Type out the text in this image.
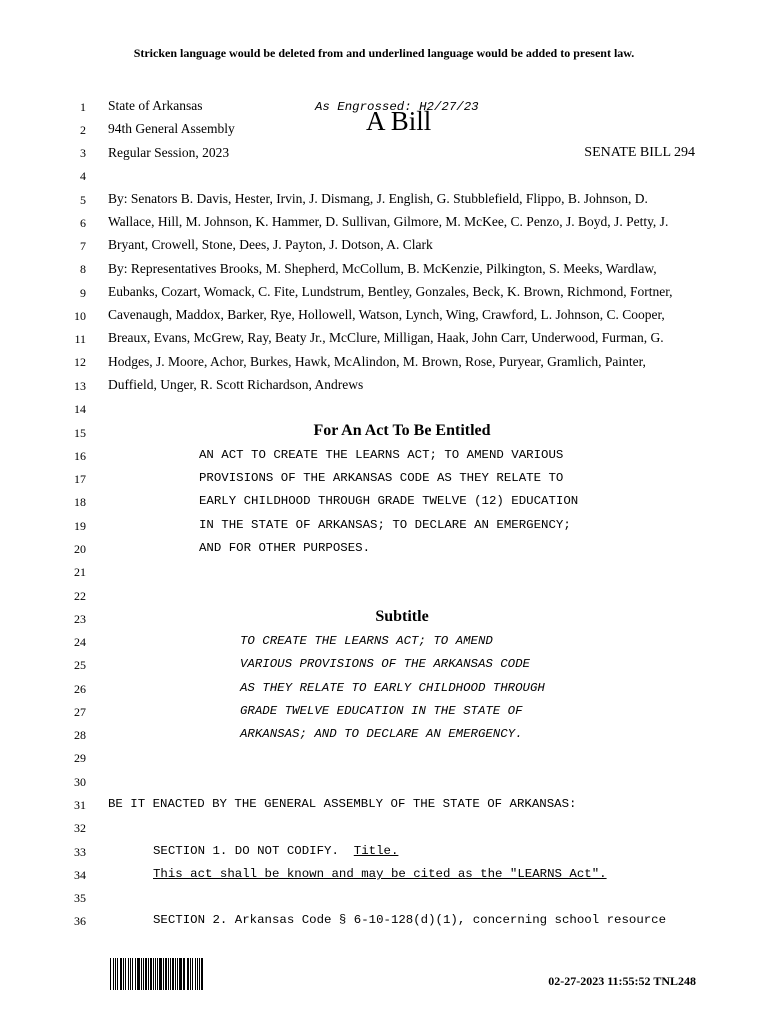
Stricken language would be deleted from and underlined language would be added to present law.
1
2
3
4
5
6
7
8
9
10
11
12
13
14
15
16
17
18
19
20
21
22
23
24
25
26
27
28
29
30
31
32
33
34
35
36
State of Arkansas	As Engrossed: H2/27/23
A Bill
94th General Assembly
Regular Session, 2023	SENATE BILL 294
By: Senators B. Davis, Hester, Irvin, J. Dismang, J. English, G. Stubblefield, Flippo, B. Johnson, D.
Wallace, Hill, M. Johnson, K. Hammer, D. Sullivan, Gilmore, M. McKee, C. Penzo, J. Boyd, J. Petty, J.
Bryant, Crowell, Stone, Dees, J. Payton, J. Dotson, A. Clark
By: Representatives Brooks, M. Shepherd, McCollum, B. McKenzie, Pilkington, S. Meeks, Wardlaw,
Eubanks, Cozart, Womack, C. Fite, Lundstrum, Bentley, Gonzales, Beck, K. Brown, Richmond, Fortner,
Cavenaugh, Maddox, Barker, Rye, Hollowell, Watson, Lynch, Wing, Crawford, L. Johnson, C. Cooper,
Breaux, Evans, McGrew, Ray, Beaty Jr., McClure, Milligan, Haak, John Carr, Underwood, Furman, G.
Hodges, J. Moore, Achor, Burkes, Hawk, McAlindon, M. Brown, Rose, Puryear, Gramlich, Painter,
Duffield, Unger, R. Scott Richardson, Andrews
For An Act To Be Entitled
AN ACT TO CREATE THE LEARNS ACT; TO AMEND VARIOUS
PROVISIONS OF THE ARKANSAS CODE AS THEY RELATE TO
EARLY CHILDHOOD THROUGH GRADE TWELVE (12) EDUCATION
IN THE STATE OF ARKANSAS; TO DECLARE AN EMERGENCY;
AND FOR OTHER PURPOSES.
Subtitle
TO CREATE THE LEARNS ACT; TO AMEND
VARIOUS PROVISIONS OF THE ARKANSAS CODE
AS THEY RELATE TO EARLY CHILDHOOD THROUGH
GRADE TWELVE EDUCATION IN THE STATE OF
ARKANSAS; AND TO DECLARE AN EMERGENCY.
BE IT ENACTED BY THE GENERAL ASSEMBLY OF THE STATE OF ARKANSAS:
SECTION 1. DO NOT CODIFY. Title.
This act shall be known and may be cited as the "LEARNS Act".
SECTION 2. Arkansas Code § 6-10-128(d)(1), concerning school resource
02-27-2023 11:55:52 TNL248
